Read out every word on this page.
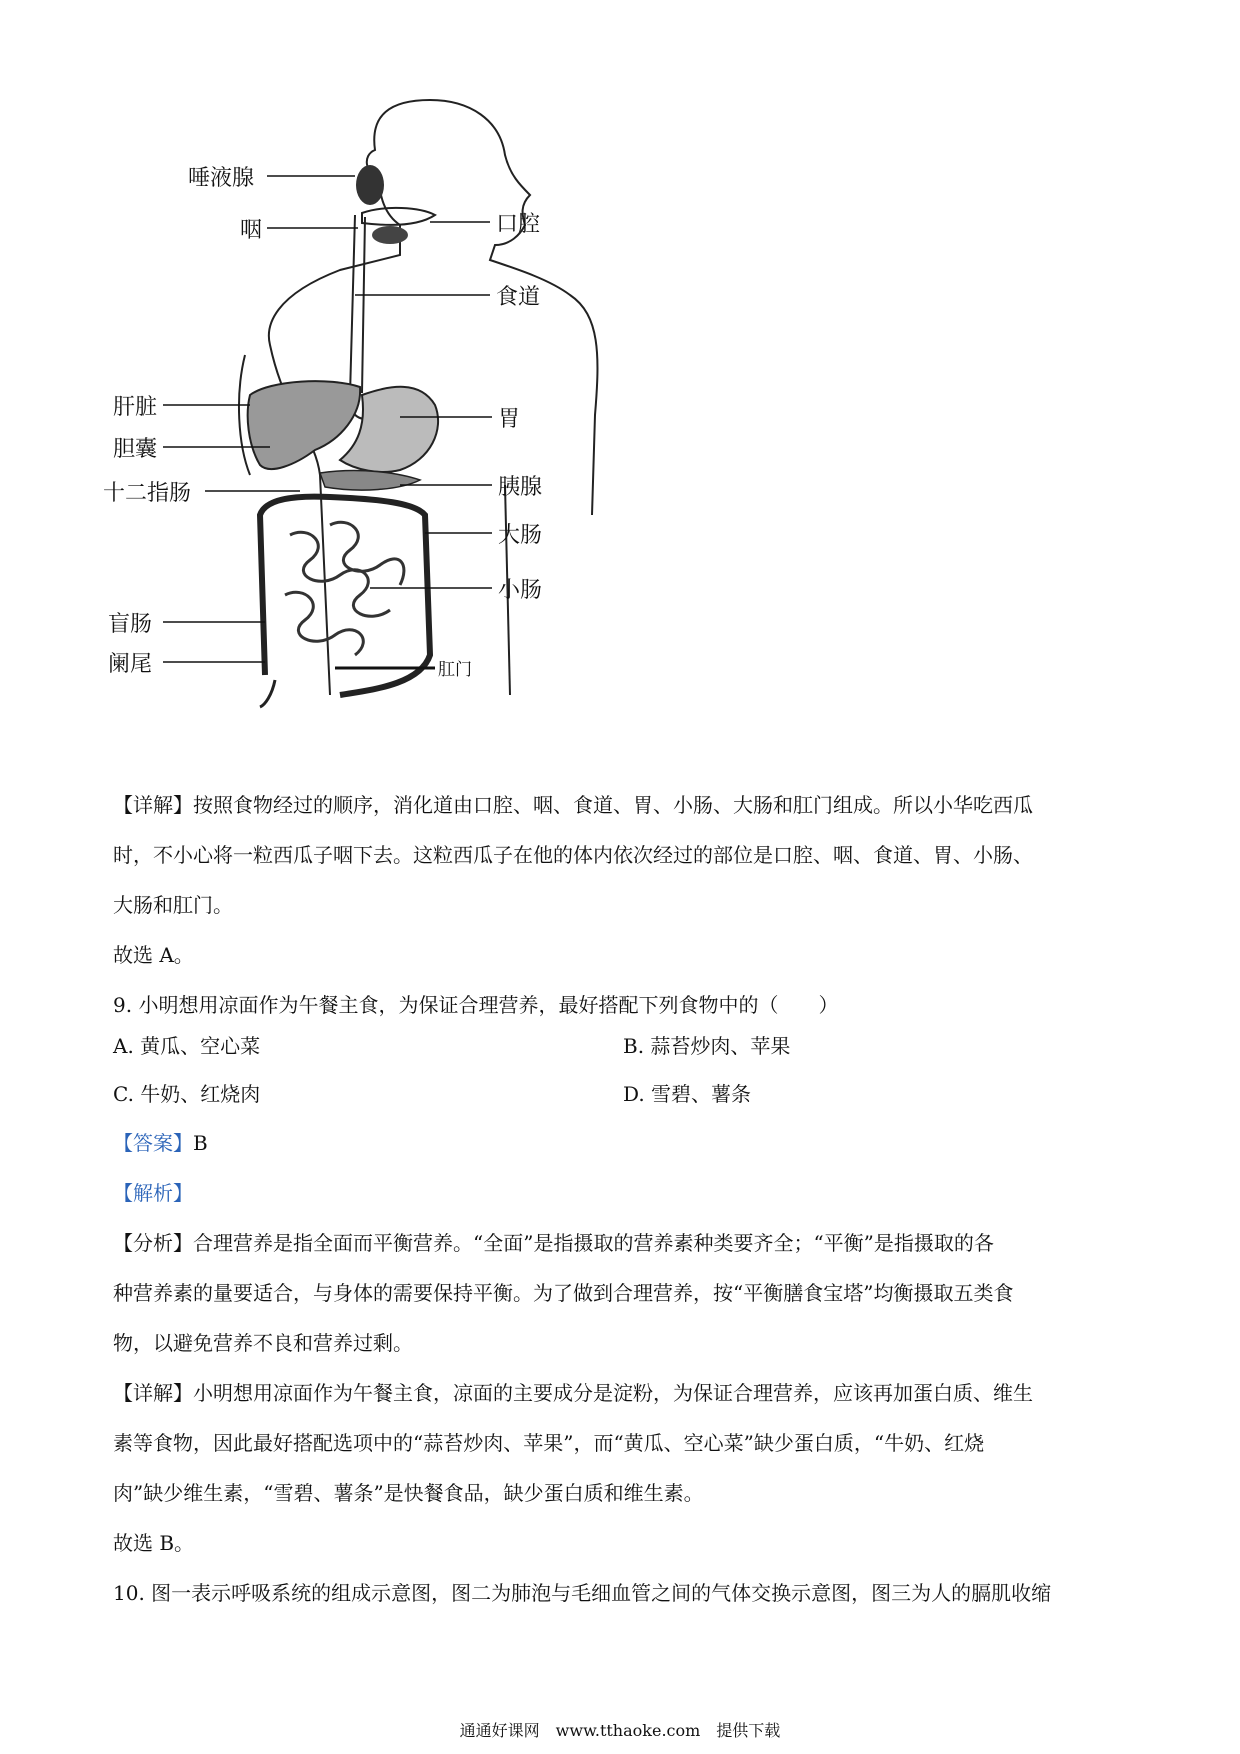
唾液腺
咽	口腔
食道
肝脏	胃
胆囊
十二指肠	胰腺
大肠
小肠
盲肠
阑尾	肛门
【详解】按照食物经过的顺序，消化道由口腔、咽、食道、胃、小肠、大肠和肛门组成。所以小华吃西瓜
时，不小心将一粒西瓜子咽下去。这粒西瓜子在他的体内依次经过的部位是口腔、咽、食道、胃、小肠、
大肠和肛门。
故选 A。
9. 小明想用凉面作为午餐主食，为保证合理营养，最好搭配下列食物中的（　　）
A. 黄瓜、空心菜	B. 蒜苔炒肉、苹果
C. 牛奶、红烧肉	D. 雪碧、薯条
【答案】B
【解析】
【分析】合理营养是指全面而平衡营养。“全面”是指摄取的营养素种类要齐全；“平衡”是指摄取的各
种营养素的量要适合，与身体的需要保持平衡。为了做到合理营养，按“平衡膳食宝塔”均衡摄取五类食
物，以避免营养不良和营养过剩。
【详解】小明想用凉面作为午餐主食，凉面的主要成分是淀粉，为保证合理营养，应该再加蛋白质、维生
素等食物，因此最好搭配选项中的“蒜苔炒肉、苹果”，而“黄瓜、空心菜”缺少蛋白质，“牛奶、红烧
肉”缺少维生素，“雪碧、薯条”是快餐食品，缺少蛋白质和维生素。
故选 B。
10. 图一表示呼吸系统的组成示意图，图二为肺泡与毛细血管之间的气体交换示意图，图三为人的膈肌收缩
通通好课网　www.tthaoke.com　提供下载
